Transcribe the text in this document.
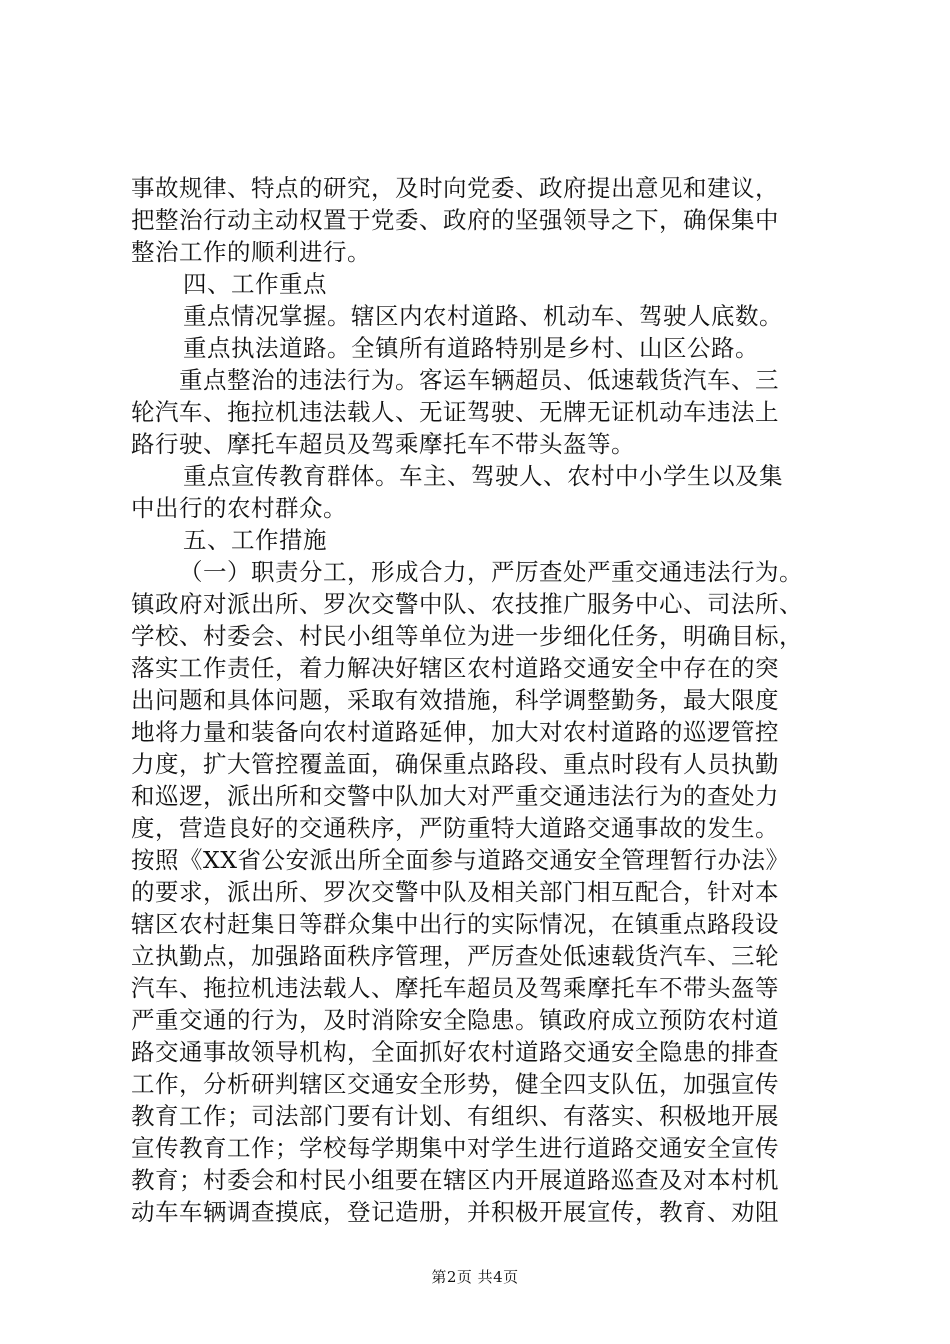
事故规律、特点的研究，及时向党委、政府提出意见和建议，
把整治行动主动权置于党委、政府的坚强领导之下，确保集中
整治工作的顺利进行。
四、工作重点
重点情况掌握。辖区内农村道路、机动车、驾驶人底数。
重点执法道路。全镇所有道路特别是乡村、山区公路。
重点整治的违法行为。客运车辆超员、低速载货汽车、三
轮汽车、拖拉机违法载人、无证驾驶、无牌无证机动车违法上
路行驶、摩托车超员及驾乘摩托车不带头盔等。
重点宣传教育群体。车主、驾驶人、农村中小学生以及集
中出行的农村群众。
五、工作措施
（一）职责分工，形成合力，严厉查处严重交通违法行为。
镇政府对派出所、罗次交警中队、农技推广服务中心、司法所、
学校、村委会、村民小组等单位为进一步细化任务，明确目标，
落实工作责任，着力解决好辖区农村道路交通安全中存在的突
出问题和具体问题，采取有效措施，科学调整勤务，最大限度
地将力量和装备向农村道路延伸，加大对农村道路的巡逻管控
力度，扩大管控覆盖面，确保重点路段、重点时段有人员执勤
和巡逻，派出所和交警中队加大对严重交通违法行为的查处力
度，营造良好的交通秩序，严防重特大道路交通事故的发生。
按照《XX省公安派出所全面参与道路交通安全管理暂行办法》
的要求，派出所、罗次交警中队及相关部门相互配合，针对本
辖区农村赶集日等群众集中出行的实际情况，在镇重点路段设
立执勤点，加强路面秩序管理，严厉查处低速载货汽车、三轮
汽车、拖拉机违法载人、摩托车超员及驾乘摩托车不带头盔等
严重交通的行为，及时消除安全隐患。镇政府成立预防农村道
路交通事故领导机构，全面抓好农村道路交通安全隐患的排查
工作，分析研判辖区交通安全形势，健全四支队伍，加强宣传
教育工作；司法部门要有计划、有组织、有落实、积极地开展
宣传教育工作；学校每学期集中对学生进行道路交通安全宣传
教育；村委会和村民小组要在辖区内开展道路巡查及对本村机
动车车辆调查摸底，登记造册，并积极开展宣传，教育、劝阻
第2页 共4页
